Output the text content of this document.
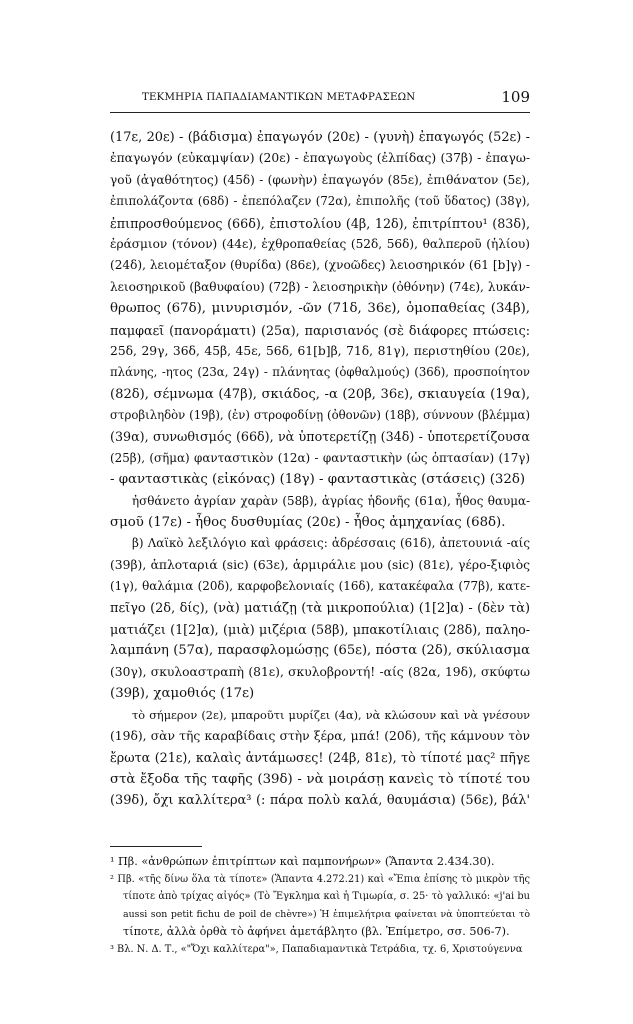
ΤΕΚΜΗΡΙΑ ΠΑΠΑΔΙΑΜΑΝΤΙΚΩΝ ΜΕΤΑΦΡΑΣΕΩΝ	109
(17ε, 20ε) - (βάδισμα) ἐπαγωγόν (20ε) - (γυνὴ) ἐπαγωγός (52ε) -
ἐπαγωγόν (εὐκαμψίαν) (20ε) - ἐπαγωγοὺς (ἐλπίδας) (37β) - ἐπαγω-
γοῦ (ἀγαθότητος) (45δ) - (φωνὴν) ἐπαγωγόν (85ε), ἐπιθάνατον (5ε),
ἐπιπολάζοντα (68δ) - ἐπεπόλαζεν (72α), ἐπιπολῆς (τοῦ ὕδατος) (38γ),
ἐπιπροσθούμενος (66δ), ἐπιστολίου (4β, 12δ), ἐπιτρίπτου¹ (83δ),
ἐράσμιον (τόνον) (44ε), ἐχθροπαθείας (52δ, 56δ), θαλπεροῦ (ἡλίου)
(24δ), λειομέταξον (θυρίδα) (86ε), (χνοῶδες) λειοσηρικόν (61 [b]γ) -
λειοσηρικοῦ (βαθυφαίου) (72β) - λειοσηρικὴν (ὀθόνην) (74ε), λυκάν-
θρωπος (67δ), μινυρισμόν, -ῶν (71δ, 36ε), ὁμοπαθείας (34β),
παμφαεῖ (πανοράματι) (25α), παρισιανός (σὲ διάφορες πτώσεις:
25δ, 29γ, 36δ, 45β, 45ε, 56δ, 61[b]β, 71δ, 81γ), περιστηθίου (20ε),
πλάνης, -ητος (23α, 24γ) - πλάνητας (ὀφθαλμούς) (36δ), προσποίητον
(82δ), σέμνωμα (47β), σκιάδος, -α (20β, 36ε), σκιαυγεία (19α),
στροβιληδὸν (19β), (ἐν) στροφοδίνῃ (ὀθονῶν) (18β), σύννουν (βλέμμα)
(39α), συνωθισμός (66δ), νὰ ὑποτερετίζῃ (34δ) - ὑποτερετίζουσα
(25β), (σῆμα) φανταστικὸν (12α) - φανταστικὴν (ὡς ὀπτασίαν) (17γ)
- φανταστικὰς (εἰκόνας) (18γ) - φανταστικὰς (στάσεις) (32δ)
ἠσθάνετο ἀγρίαν χαρὰν (58β), ἀγρίας ἡδονῆς (61α), ἦθος θαυμα-
σμοῦ (17ε) - ἦθος δυσθυμίας (20ε) - ἦθος ἀμηχανίας (68δ).
β) Λαϊκὸ λεξιλόγιο καὶ φράσεις: ἀδρέσσαις (61δ), ἀπετουνιά -αίς
(39β), ἁπλοταριά (sic) (63ε), ἁρμιράλιε μου (sic) (81ε), γέρο-ξιφιὸς
(1γ), θαλάμια (20δ), καρφοβελονιαίς (16δ), κατακέφαλα (77β), κατε-
πεῖγο (2δ, δίς), (νὰ) ματιάζῃ (τὰ μικροπούλια) (1[2]α) - (δὲν τὰ)
ματιάζει (1[2]α), (μιὰ) μιζέρια (58β), μπακοτίλιαις (28δ), παληο-
λαμπάνη (57α), παρασφλομώσῃς (65ε), πόστα (2δ), σκύλιασμα
(30γ), σκυλοαστραπὴ (81ε), σκυλοβροντή! -αίς (82α, 19δ), σκύφτω
(39β), χαμοθιός (17ε)
τὸ σήμερον (2ε), μπαροῦτι μυρίζει (4α), νὰ κλώσουν καὶ νὰ γνέσουν
(19δ), σὰν τῆς καραβίδαις στὴν ξέρα, μπά! (20δ), τῆς κάμνουν τὸν
ἔρωτα (21ε), καλαὶς ἀντάμωσες! (24β, 81ε), τὸ τίποτέ μας² πῆγε
στὰ ἔξοδα τῆς ταφῆς (39δ) - νὰ μοιράσῃ κανεὶς τὸ τίποτέ του
(39δ), ὄχι καλλίτερα³ (: πάρα πολὺ καλά, θαυμάσια) (56ε), βάλ'
¹ Πβ. «ἀνθρώπων ἐπιτρίπτων καὶ παμπονήρων» (Ἅπαντα 2.434.30).
² Πβ. «τῆς δίνω ὅλα τὰ τίποτε» (Ἅπαντα 4.272.21) καὶ «Ἔπια ἐπίσης τὸ μικρὸν τῆς
τίποτε ἀπὸ τρίχας αἰγός» (Τὸ Ἔγκλημα καὶ ἡ Τιμωρία, σ. 25· τὸ γαλλικό: «j'ai bu
aussi son petit fichu de poil de chèvre») Ἡ ἐπιμελήτρια φαίνεται νὰ ὑποπτεύεται τὸ
τίποτε, ἀλλὰ ὀρθὰ τὸ ἀφήνει ἀμετάβλητο (βλ. Ἐπίμετρο, σσ. 506-7).
³ Βλ. Ν. Δ. Τ., «"Ὄχι καλλίτερα"», Παπαδιαμαντικὰ Τετράδια, τχ. 6, Χριστούγεννα
